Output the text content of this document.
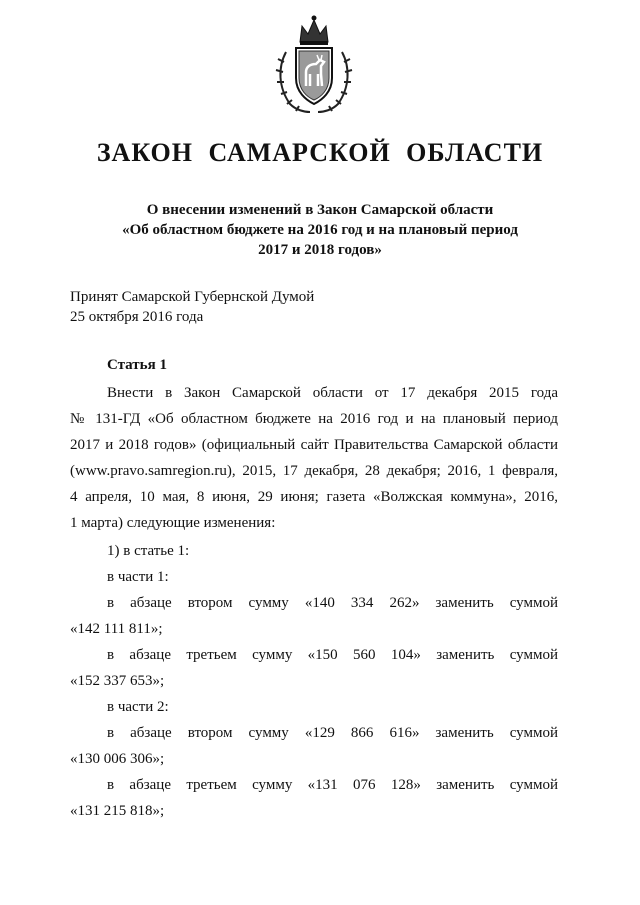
ЗАКОН САМАРСКОЙ ОБЛАСТИ
О внесении изменений в Закон Самарской области
«Об областном бюджете на 2016 год и на плановый период
2017 и 2018 годов»
Принят Самарской Губернской Думой
25 октября 2016 года
Статья 1
Внести в Закон Самарской области от 17 декабря 2015 года
№ 131-ГД «Об областном бюджете на 2016 год и на плановый период
2017 и 2018 годов» (официальный сайт Правительства Самарской области
(www.pravo.samregion.ru), 2015, 17 декабря, 28 декабря; 2016, 1 февраля,
4 апреля, 10 мая, 8 июня, 29 июня; газета «Волжская коммуна», 2016,
1 марта) следующие изменения:
1) в статье 1:
в части 1:
в абзаце втором сумму «140 334 262» заменить суммой
«142 111 811»;
в абзаце третьем сумму «150 560 104» заменить суммой
«152 337 653»;
в части 2:
в абзаце втором сумму «129 866 616» заменить суммой
«130 006 306»;
в абзаце третьем сумму «131 076 128» заменить суммой
«131 215 818»;
